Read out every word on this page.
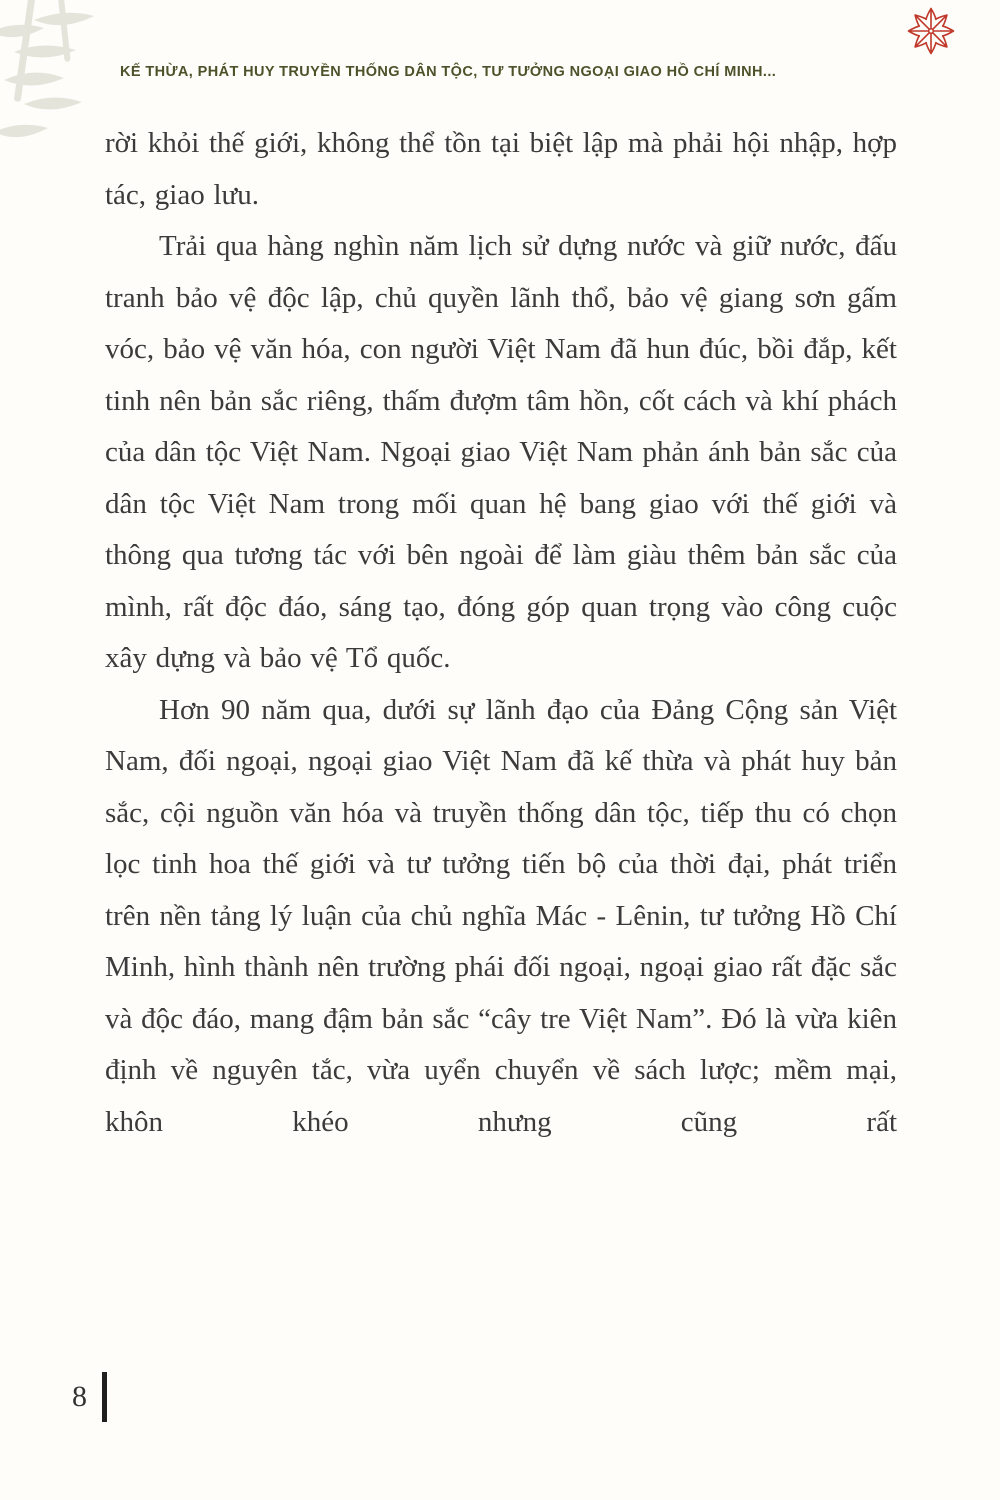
KẾ THỪA, PHÁT HUY TRUYỀN THỐNG DÂN TỘC, TƯ TƯỞNG NGOẠI GIAO HỒ CHÍ MINH...

rời khỏi thế giới, không thể tồn tại biệt lập mà phải hội nhập, hợp tác, giao lưu.

Trải qua hàng nghìn năm lịch sử dựng nước và giữ nước, đấu tranh bảo vệ độc lập, chủ quyền lãnh thổ, bảo vệ giang sơn gấm vóc, bảo vệ văn hóa, con người Việt Nam đã hun đúc, bồi đắp, kết tinh nên bản sắc riêng, thấm đượm tâm hồn, cốt cách và khí phách của dân tộc Việt Nam. Ngoại giao Việt Nam phản ánh bản sắc của dân tộc Việt Nam trong mối quan hệ bang giao với thế giới và thông qua tương tác với bên ngoài để làm giàu thêm bản sắc của mình, rất độc đáo, sáng tạo, đóng góp quan trọng vào công cuộc xây dựng và bảo vệ Tổ quốc.

Hơn 90 năm qua, dưới sự lãnh đạo của Đảng Cộng sản Việt Nam, đối ngoại, ngoại giao Việt Nam đã kế thừa và phát huy bản sắc, cội nguồn văn hóa và truyền thống dân tộc, tiếp thu có chọn lọc tinh hoa thế giới và tư tưởng tiến bộ của thời đại, phát triển trên nền tảng lý luận của chủ nghĩa Mác - Lênin, tư tưởng Hồ Chí Minh, hình thành nên trường phái đối ngoại, ngoại giao rất đặc sắc và độc đáo, mang đậm bản sắc “cây tre Việt Nam”. Đó là vừa kiên định về nguyên tắc, vừa uyển chuyển về sách lược; mềm mại, khôn khéo nhưng cũng rất

8
